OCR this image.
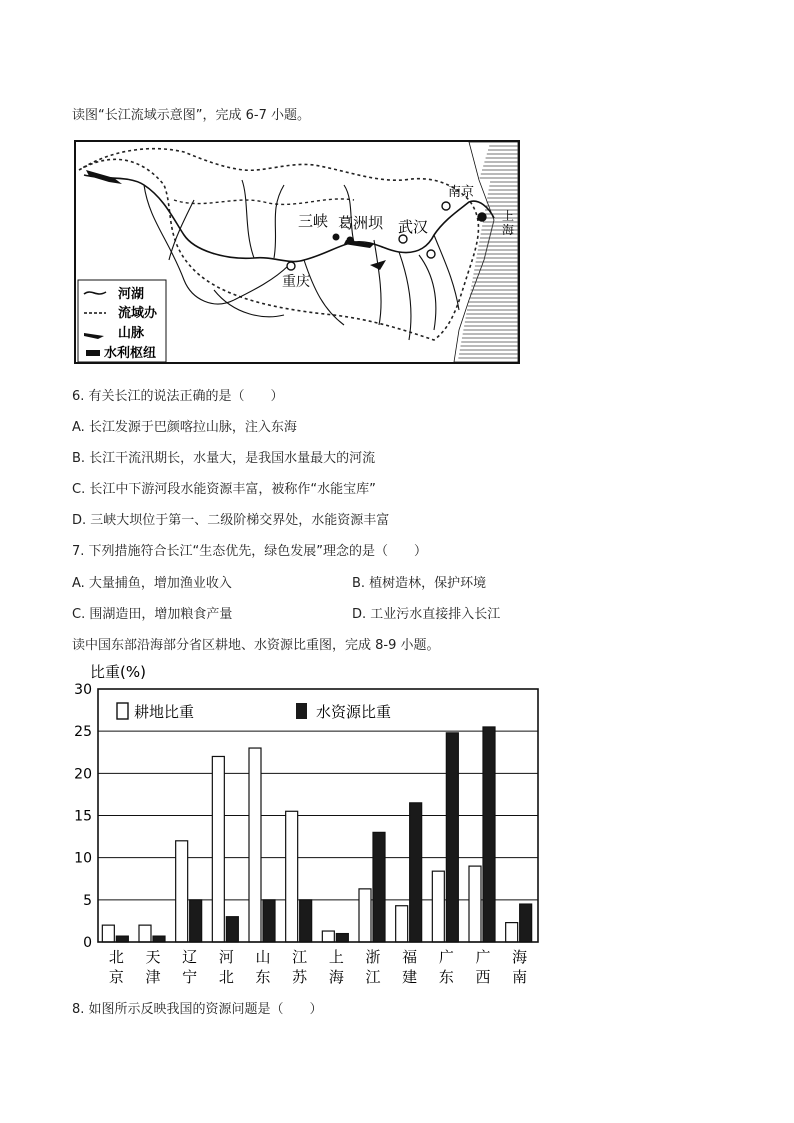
读图“长江流域示意图”，完成 6-7 小题。
南京
三峡 葛洲坝 武汉
重庆
上
海
河湖
流域办
山脉
水利枢纽
6. 有关长江的说法正确的是（　　）
A. 长江发源于巴颜喀拉山脉，注入东海
B. 长江干流汛期长，水量大，是我国水量最大的河流
C. 长江中下游河段水能资源丰富，被称作“水能宝库”
D. 三峡大坝位于第一、二级阶梯交界处，水能资源丰富
7. 下列措施符合长江“生态优先，绿色发展”理念的是（　　）
A. 大量捕鱼，增加渔业收入	B. 植树造林，保护环境
C. 围湖造田，增加粮食产量	D. 工业污水直接排入长江
读中国东部沿海部分省区耕地、水资源比重图，完成 8-9 小题。
比重(%)
0
5
10
15
20
25
30
北
京
天
津
辽
宁
河
北
山
东
江
苏
上
海
浙
江
福
建
广
东
广
西
海
南
耕地比重	水资源比重
8. 如图所示反映我国的资源问题是（　　）
